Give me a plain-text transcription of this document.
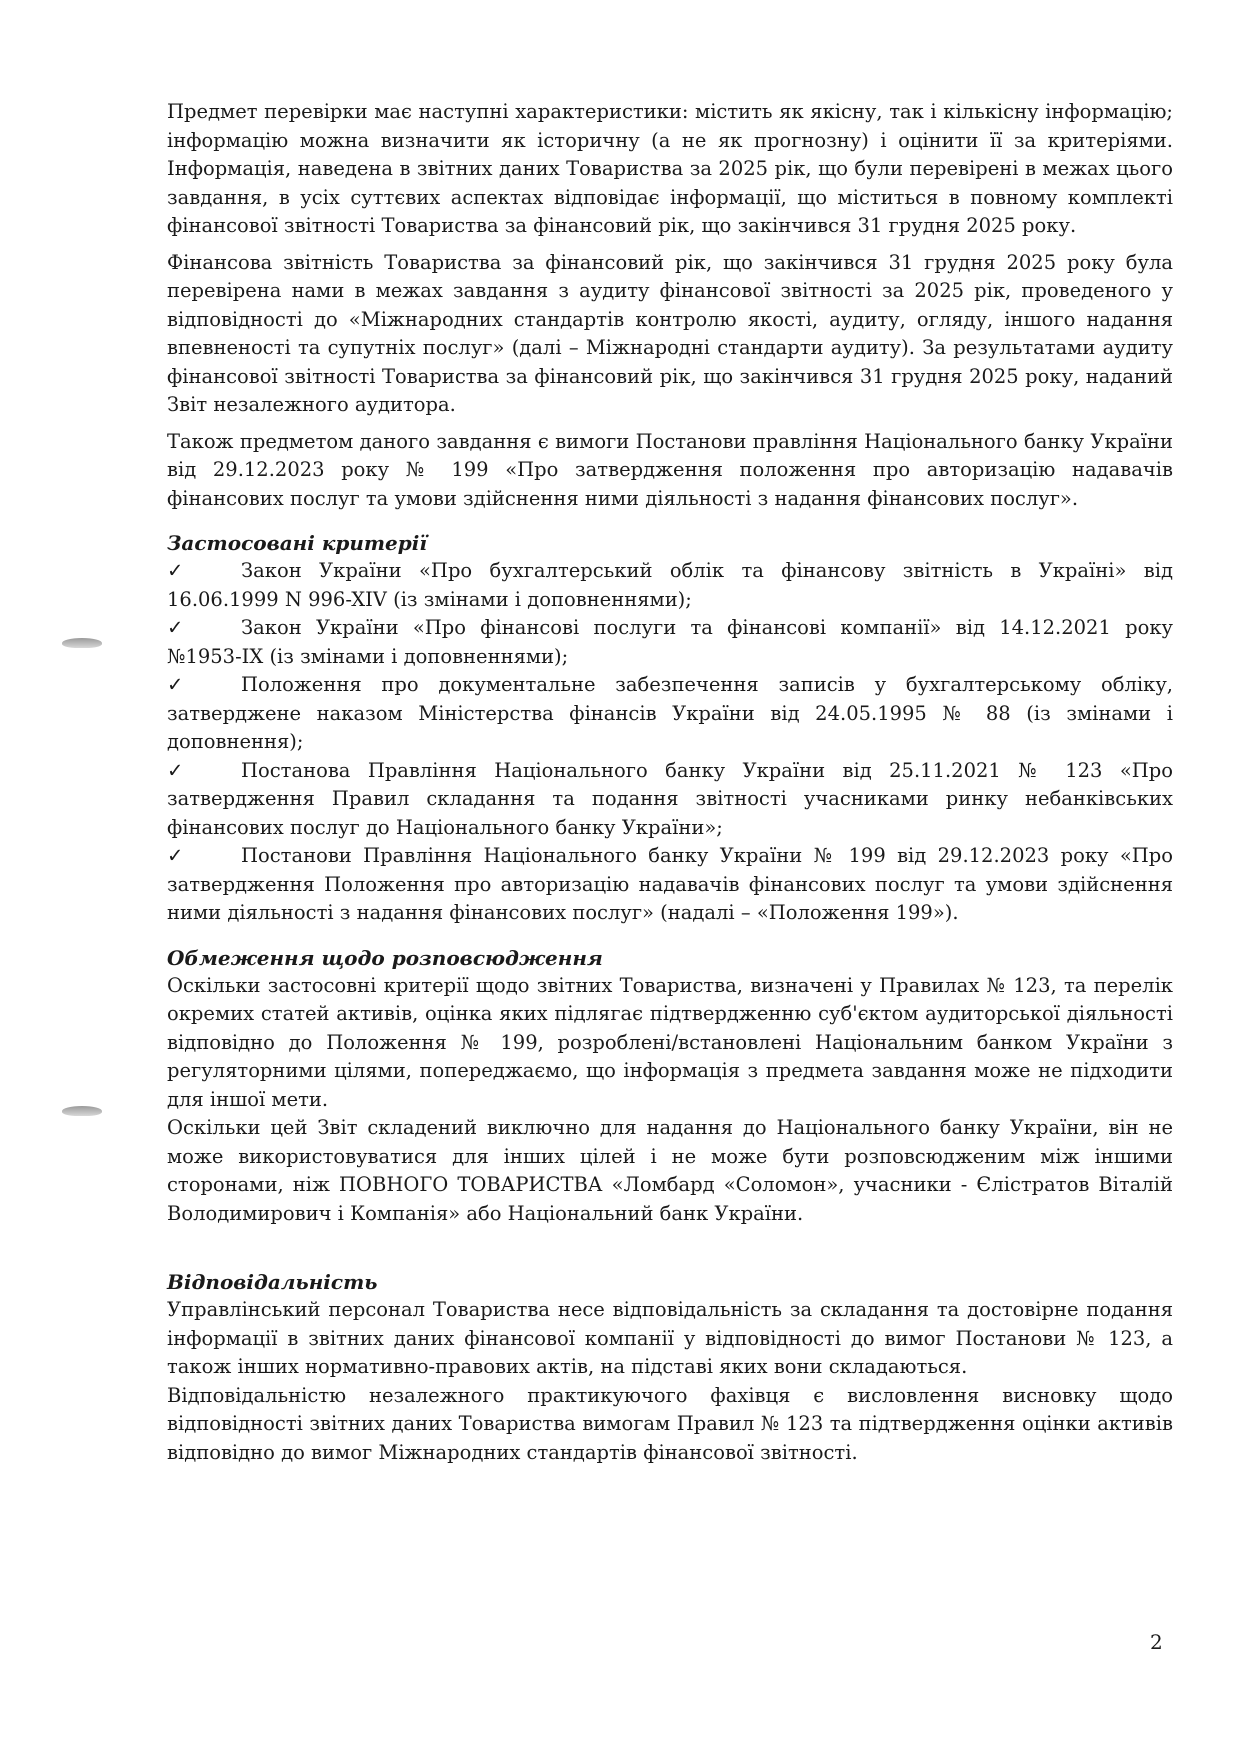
Предмет перевірки має наступні характеристики: містить як якісну, так і кількісну інформацію; інформацію можна визначити як історичну (а не як прогнозну) і оцінити її за критеріями. Інформація, наведена в звітних даних Товариства за 2025 рік, що були перевірені в межах цього завдання, в усіх суттєвих аспектах відповідає інформації, що міститься в повному комплекті фінансової звітності Товариства за фінансовий рік, що закінчився 31 грудня 2025 року.

Фінансова звітність Товариства за фінансовий рік, що закінчився 31 грудня 2025 року була перевірена нами в межах завдання з аудиту фінансової звітності за 2025 рік, проведеного у відповідності до «Міжнародних стандартів контролю якості, аудиту, огляду, іншого надання впевненості та супутніх послуг» (далі – Міжнародні стандарти аудиту). За результатами аудиту фінансової звітності Товариства за фінансовий рік, що закінчився 31 грудня 2025 року, наданий Звіт незалежного аудитора.

Також предметом даного завдання є вимоги Постанови правління Національного банку України від 29.12.2023 року № 199 «Про затвердження положення про авторизацію надавачів фінансових послуг та умови здійснення ними діяльності з надання фінансових послуг».

Застосовані критерії

✓	Закон України «Про бухгалтерський облік та фінансову звітність в Україні» від 16.06.1999 N 996-XIV (із змінами і доповненнями);

✓	Закон України «Про фінансові послуги та фінансові компанії» від 14.12.2021 року №1953-IX (із змінами і доповненнями);

✓	Положення про документальне забезпечення записів у бухгалтерському обліку, затверджене наказом Міністерства фінансів України від 24.05.1995 № 88 (із змінами і доповнення);

✓	Постанова Правління Національного банку України від 25.11.2021 № 123 «Про затвердження Правил складання та подання звітності учасниками ринку небанківських фінансових послуг до Національного банку України»;

✓	Постанови Правління Національного банку України № 199 від 29.12.2023 року «Про затвердження Положення про авторизацію надавачів фінансових послуг та умови здійснення ними діяльності з надання фінансових послуг» (надалі – «Положення 199»).

Обмеження щодо розповсюдження

Оскільки застосовні критерії щодо звітних Товариства, визначені у Правилах № 123, та перелік окремих статей активів, оцінка яких підлягає підтвердженню суб'єктом аудиторської діяльності відповідно до Положення № 199, розроблені/встановлені Національним банком України з регуляторними цілями, попереджаємо, що інформація з предмета завдання може не підходити для іншої мети.

Оскільки цей Звіт складений виключно для надання до Національного банку України, він не може використовуватися для інших цілей і не може бути розповсюдженим між іншими сторонами, ніж ПОВНОГО ТОВАРИСТВА «Ломбард «Соломон», учасники - Єлістратов Віталій Володимирович і Компанія» або Національний банк України.

Відповідальність

Управлінський персонал Товариства несе відповідальність за складання та достовірне подання інформації в звітних даних фінансової компанії у відповідності до вимог Постанови № 123, а також інших нормативно-правових актів, на підставі яких вони складаються.

Відповідальністю незалежного практикуючого фахівця є висловлення висновку щодо відповідності звітних даних Товариства вимогам Правил № 123 та підтвердження оцінки активів відповідно до вимог Міжнародних стандартів фінансової звітності.

2
